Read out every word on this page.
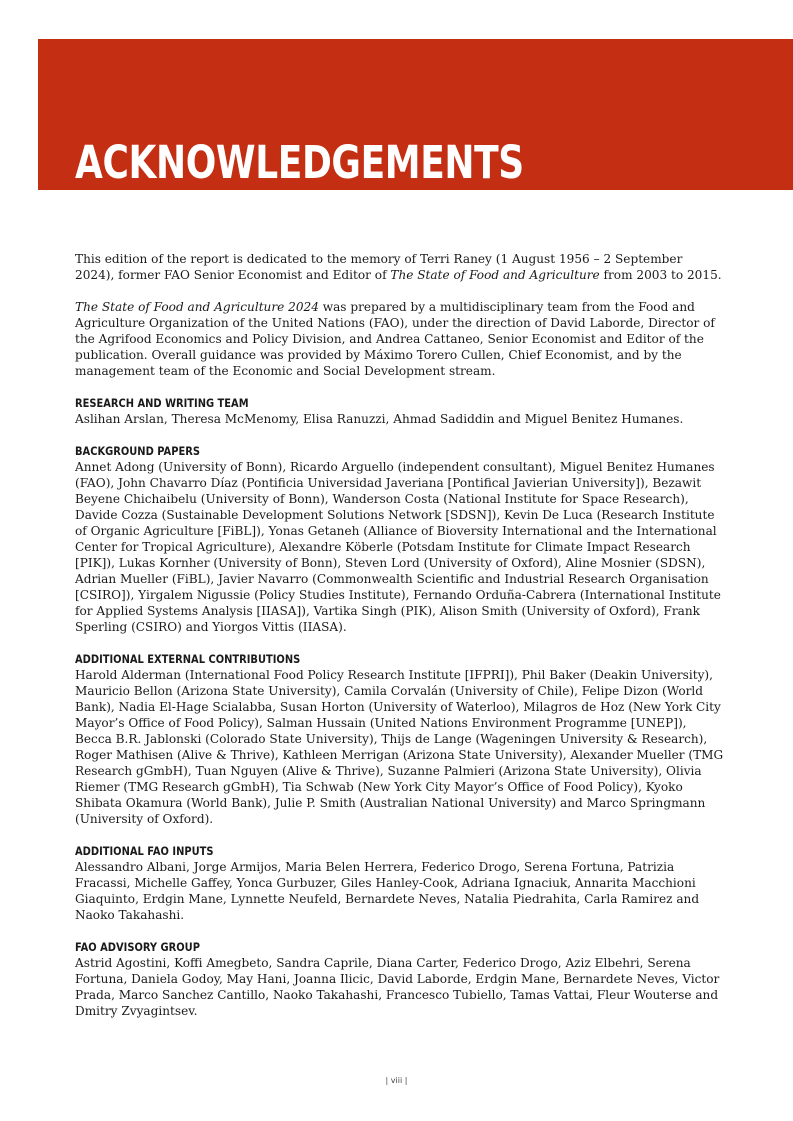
ACKNOWLEDGEMENTS

This edition of the report is dedicated to the memory of Terri Raney (1 August 1956 – 2 September 2024), former FAO Senior Economist and Editor of The State of Food and Agriculture from 2003 to 2015.

The State of Food and Agriculture 2024 was prepared by a multidisciplinary team from the Food and Agriculture Organization of the United Nations (FAO), under the direction of David Laborde, Director of the Agrifood Economics and Policy Division, and Andrea Cattaneo, Senior Economist and Editor of the publication. Overall guidance was provided by Máximo Torero Cullen, Chief Economist, and by the management team of the Economic and Social Development stream.

RESEARCH AND WRITING TEAM

Aslihan Arslan, Theresa McMenomy, Elisa Ranuzzi, Ahmad Sadiddin and Miguel Benitez Humanes.

BACKGROUND PAPERS

Annet Adong (University of Bonn), Ricardo Arguello (independent consultant), Miguel Benitez Humanes (FAO), John Chavarro Díaz (Pontificia Universidad Javeriana [Pontifical Javierian University]), Bezawit Beyene Chichaibelu (University of Bonn), Wanderson Costa (National Institute for Space Research), Davide Cozza (Sustainable Development Solutions Network [SDSN]), Kevin De Luca (Research Institute of Organic Agriculture [FiBL]), Yonas Getaneh (Alliance of Bioversity International and the International Center for Tropical Agriculture), Alexandre Köberle (Potsdam Institute for Climate Impact Research [PIK]), Lukas Kornher (University of Bonn), Steven Lord (University of Oxford), Aline Mosnier (SDSN), Adrian Mueller (FiBL), Javier Navarro (Commonwealth Scientific and Industrial Research Organisation [CSIRO]), Yirgalem Nigussie (Policy Studies Institute), Fernando Orduña-Cabrera (International Institute for Applied Systems Analysis [IIASA]), Vartika Singh (PIK), Alison Smith (University of Oxford), Frank Sperling (CSIRO) and Yiorgos Vittis (IIASA).

ADDITIONAL EXTERNAL CONTRIBUTIONS

Harold Alderman (International Food Policy Research Institute [IFPRI]), Phil Baker (Deakin University), Mauricio Bellon (Arizona State University), Camila Corvalán (University of Chile), Felipe Dizon (World Bank), Nadia El-Hage Scialabba, Susan Horton (University of Waterloo), Milagros de Hoz (New York City Mayor’s Office of Food Policy), Salman Hussain (United Nations Environment Programme [UNEP]), Becca B.R. Jablonski (Colorado State University), Thijs de Lange (Wageningen University & Research), Roger Mathisen (Alive & Thrive), Kathleen Merrigan (Arizona State University), Alexander Mueller (TMG Research gGmbH), Tuan Nguyen (Alive & Thrive), Suzanne Palmieri (Arizona State University), Olivia Riemer (TMG Research gGmbH), Tia Schwab (New York City Mayor’s Office of Food Policy), Kyoko Shibata Okamura (World Bank), Julie P. Smith (Australian National University) and Marco Springmann (University of Oxford).

ADDITIONAL FAO INPUTS

Alessandro Albani, Jorge Armijos, Maria Belen Herrera, Federico Drogo, Serena Fortuna, Patrizia Fracassi, Michelle Gaffey, Yonca Gurbuzer, Giles Hanley-Cook, Adriana Ignaciuk, Annarita Macchioni Giaquinto, Erdgin Mane, Lynnette Neufeld, Bernardete Neves, Natalia Piedrahita, Carla Ramirez and Naoko Takahashi.

FAO ADVISORY GROUP

Astrid Agostini, Koffi Amegbeto, Sandra Caprile, Diana Carter, Federico Drogo, Aziz Elbehri, Serena Fortuna, Daniela Godoy, May Hani, Joanna Ilicic, David Laborde, Erdgin Mane, Bernardete Neves, Victor Prada, Marco Sanchez Cantillo, Naoko Takahashi, Francesco Tubiello, Tamas Vattai, Fleur Wouterse and Dmitry Zvyagintsev.

| viii |
